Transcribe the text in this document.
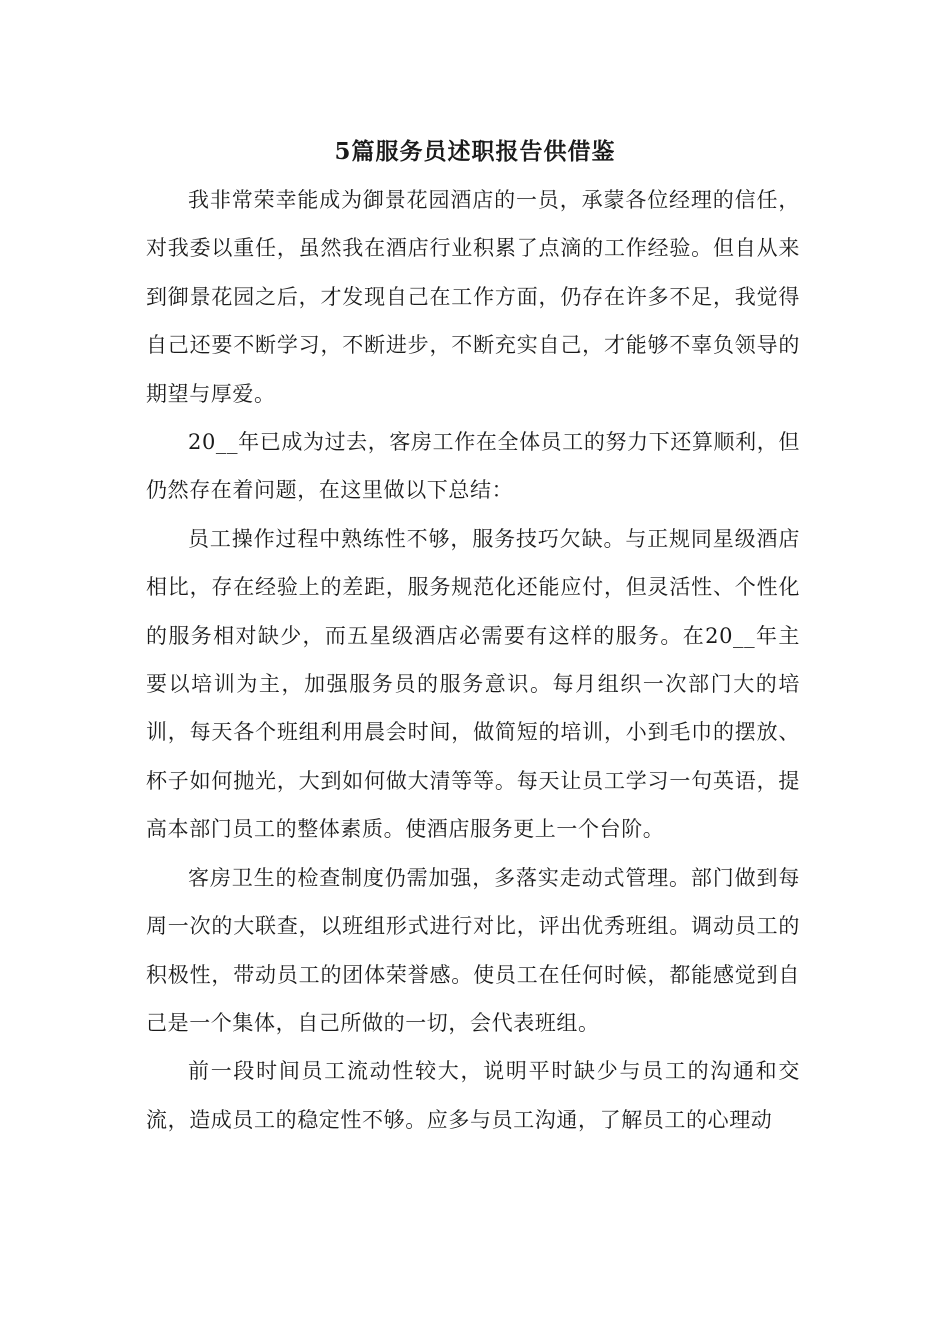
5篇服务员述职报告供借鉴

我非常荣幸能成为御景花园酒店的一员，承蒙各位经理的信任，对我委以重任，虽然我在酒店行业积累了点滴的工作经验。但自从来到御景花园之后，才发现自己在工作方面，仍存在许多不足，我觉得自己还要不断学习，不断进步，不断充实自己，才能够不辜负领导的期望与厚爱。

20__年已成为过去，客房工作在全体员工的努力下还算顺利，但仍然存在着问题，在这里做以下总结：

员工操作过程中熟练性不够，服务技巧欠缺。与正规同星级酒店相比，存在经验上的差距，服务规范化还能应付，但灵活性、个性化的服务相对缺少，而五星级酒店必需要有这样的服务。在20__年主要以培训为主，加强服务员的服务意识。每月组织一次部门大的培训，每天各个班组利用晨会时间，做简短的培训，小到毛巾的摆放、杯子如何抛光，大到如何做大清等等。每天让员工学习一句英语，提高本部门员工的整体素质。使酒店服务更上一个台阶。

客房卫生的检查制度仍需加强，多落实走动式管理。部门做到每周一次的大联查，以班组形式进行对比，评出优秀班组。调动员工的积极性，带动员工的团体荣誉感。使员工在任何时候，都能感觉到自己是一个集体，自己所做的一切，会代表班组。

前一段时间员工流动性较大，说明平时缺少与员工的沟通和交流，造成员工的稳定性不够。应多与员工沟通，了解员工的心理动
